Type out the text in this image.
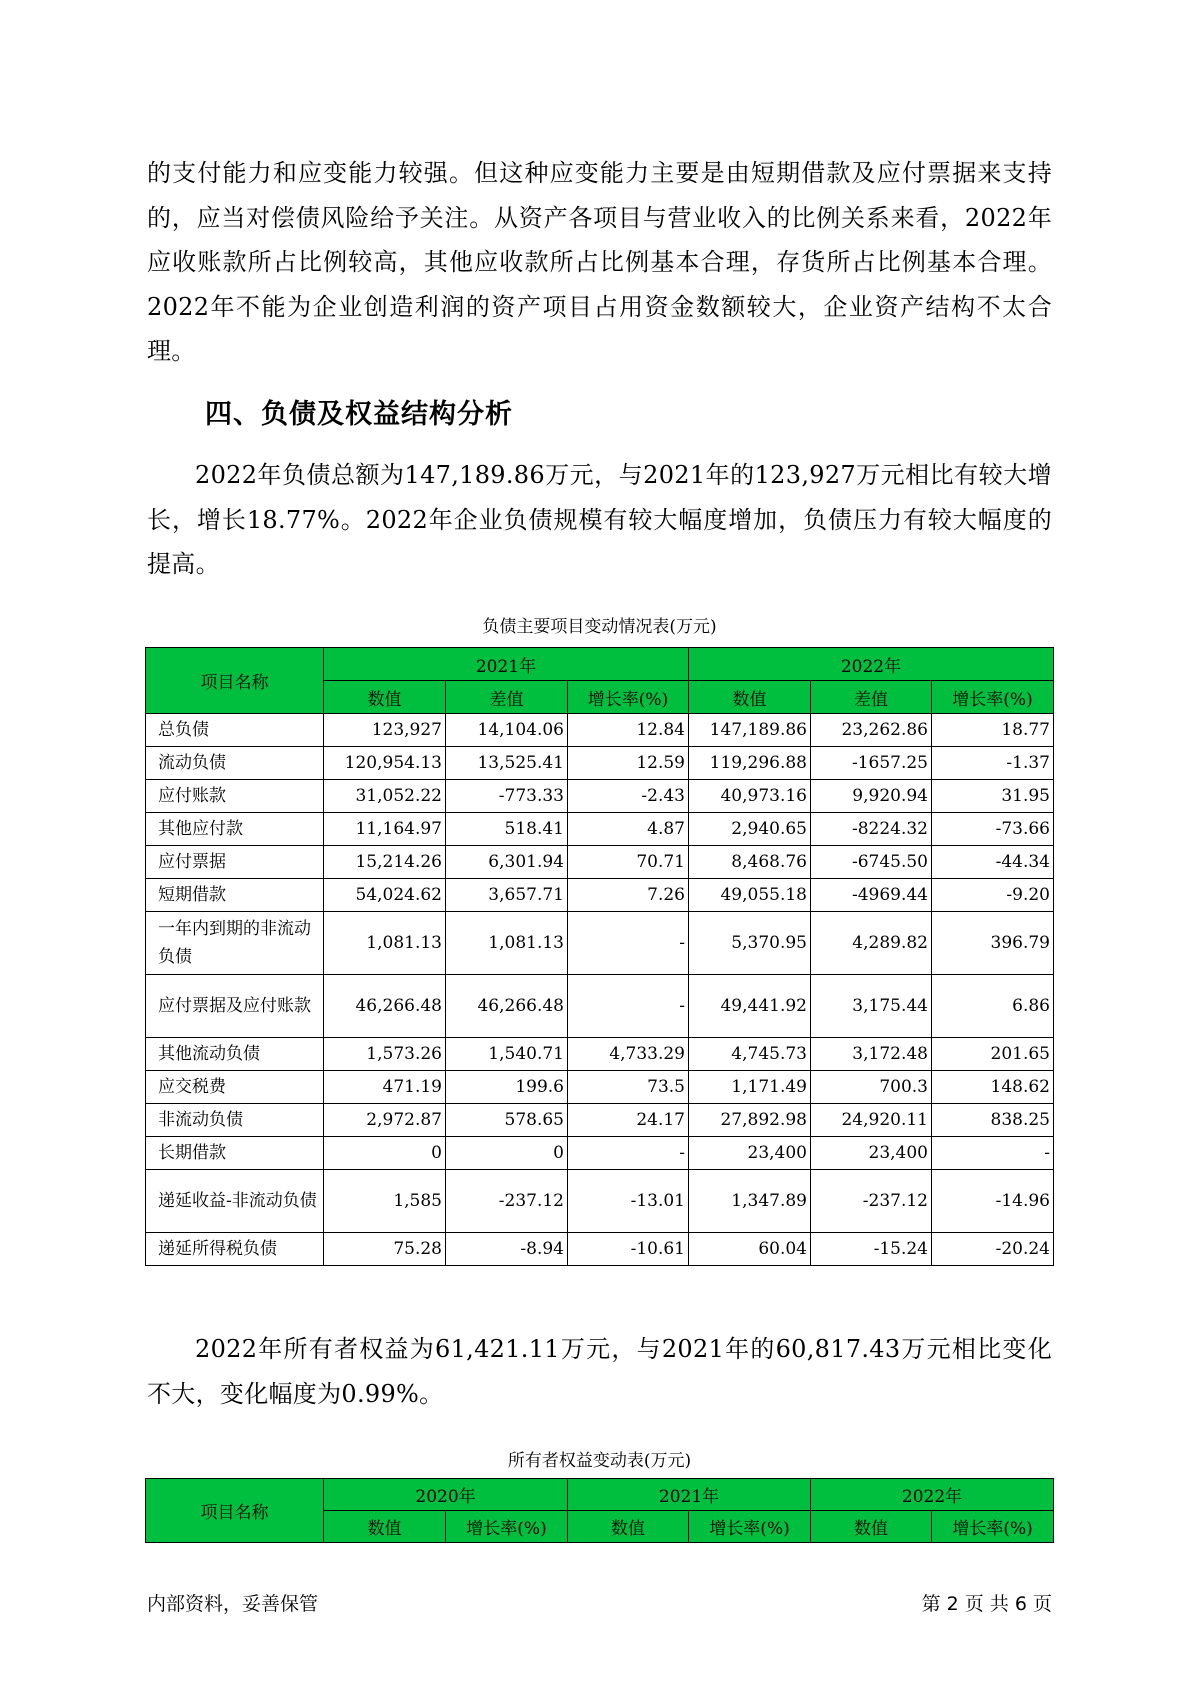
的支付能力和应变能力较强。但这种应变能力主要是由短期借款及应付票据来支持的，应当对偿债风险给予关注。从资产各项目与营业收入的比例关系来看，2022年应收账款所占比例较高，其他应收款所占比例基本合理，存货所占比例基本合理。2022年不能为企业创造利润的资产项目占用资金数额较大，企业资产结构不太合理。

四、负债及权益结构分析

2022年负债总额为147,189.86万元，与2021年的123,927万元相比有较大增长，增长18.77%。2022年企业负债规模有较大幅度增加，负债压力有较大幅度的提高。

负债主要项目变动情况表(万元)
项目名称	2021年			2022年		
	数值	差值	增长率(%)	数值	差值	增长率(%)
总负债	123,927	14,104.06	12.84	147,189.86	23,262.86	18.77
流动负债	120,954.13	13,525.41	12.59	119,296.88	-1657.25	-1.37
应付账款	31,052.22	-773.33	-2.43	40,973.16	9,920.94	31.95
其他应付款	11,164.97	518.41	4.87	2,940.65	-8224.32	-73.66
应付票据	15,214.26	6,301.94	70.71	8,468.76	-6745.50	-44.34
短期借款	54,024.62	3,657.71	7.26	49,055.18	-4969.44	-9.20
一年内到期的非流动负债	1,081.13	1,081.13	-	5,370.95	4,289.82	396.79
应付票据及应付账款	46,266.48	46,266.48	-	49,441.92	3,175.44	6.86
其他流动负债	1,573.26	1,540.71	4,733.29	4,745.73	3,172.48	201.65
应交税费	471.19	199.6	73.5	1,171.49	700.3	148.62
非流动负债	2,972.87	578.65	24.17	27,892.98	24,920.11	838.25
长期借款	0	0	-	23,400	23,400	-
递延收益-非流动负债	1,585	-237.12	-13.01	1,347.89	-237.12	-14.96
递延所得税负债	75.28	-8.94	-10.61	60.04	-15.24	-20.24

2022年所有者权益为61,421.11万元，与2021年的60,817.43万元相比变化不大，变化幅度为0.99%。

所有者权益变动表(万元)
项目名称	2020年		2021年		2022年	
	数值	增长率(%)	数值	增长率(%)	数值	增长率(%)
内部资料，妥善保管	第 2 页 共 6 页
